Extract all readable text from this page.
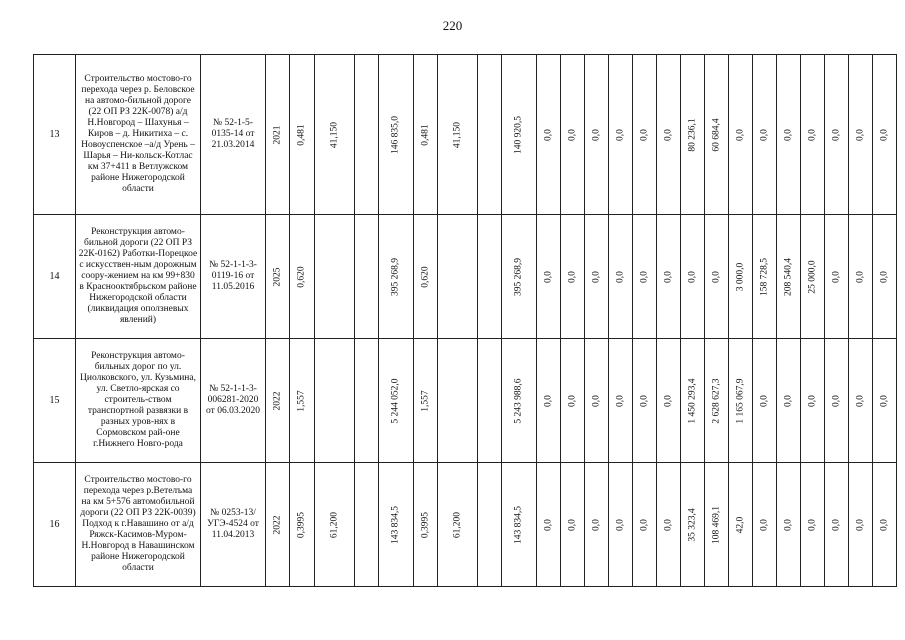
220
13	Строительство мостово-го перехода через р. Беловское на автомо-бильной дороге (22 ОП РЗ 22К-0078) а/д Н.Новгород – Шахунья – Киров – д. Никитиха – с. Новоуспенское –а/д Урень – Шарья – Ни-кольск-Котлас км 37+411 в Ветлужском районе Нижегородской области	№ 52-1-5-0135-14 от 21.03.2014	2021	0,481	41,150		146 835,0	0,481	41,150		140 920,5	0,0	0,0	0,0	0,0	0,0	0,0	80 236,1	60 684,4	0,0	0,0	0,0	0,0	0,0	0,0	0,0

14	Реконструкция автомо-бильной дороги (22 ОП РЗ 22К-0162) Работки-Порецкое с искусствен-ным дорожным соору-жением на км 99+830 в Краснооктябрьском районе Нижегородской области (ликвидация оползневых явлений)	№ 52-1-1-3-0119-16 от 11.05.2016	2025	0,620			395 268,9	0,620			395 268,9	0,0	0,0	0,0	0,0	0,0	0,0	0,0	0,0	3 000,0	158 728,5	208 540,4	25 000,0	0,0	0,0	0,0

15	Реконструкция автомо-бильных дорог по ул. Циолковского, ул. Кузьмина, ул. Светло-ярская со строитель-ством транспортной развязки в разных уров-нях в Сормовском рай-оне г.Нижнего Новго-рода	№ 52-1-1-3-006281-2020 от 06.03.2020	2022	1,557			5 244 052,0	1,557			5 243 988,6	0,0	0,0	0,0	0,0	0,0	0,0	1 450 293,4	2 628 627,3	1 165 067,9	0,0	0,0	0,0	0,0	0,0	0,0

16	Строительство мостово-го перехода через р.Ветелъма на км 5+576 автомобильной дороги (22 ОП РЗ 22К-0039) Подход к г.Навашино от а/д Ряжск-Касимов-Муром-Н.Новгород в Навашинском районе Нижегородской области	№ 0253-13/УГЭ-4524 от 11.04.2013	2022	0,3995	61,200		143 834,5	0,3995	61,200		143 834,5	0,0	0,0	0,0	0,0	0,0	0,0	35 323,4	108 469,1	42,0	0,0	0,0	0,0	0,0	0,0	0,0
